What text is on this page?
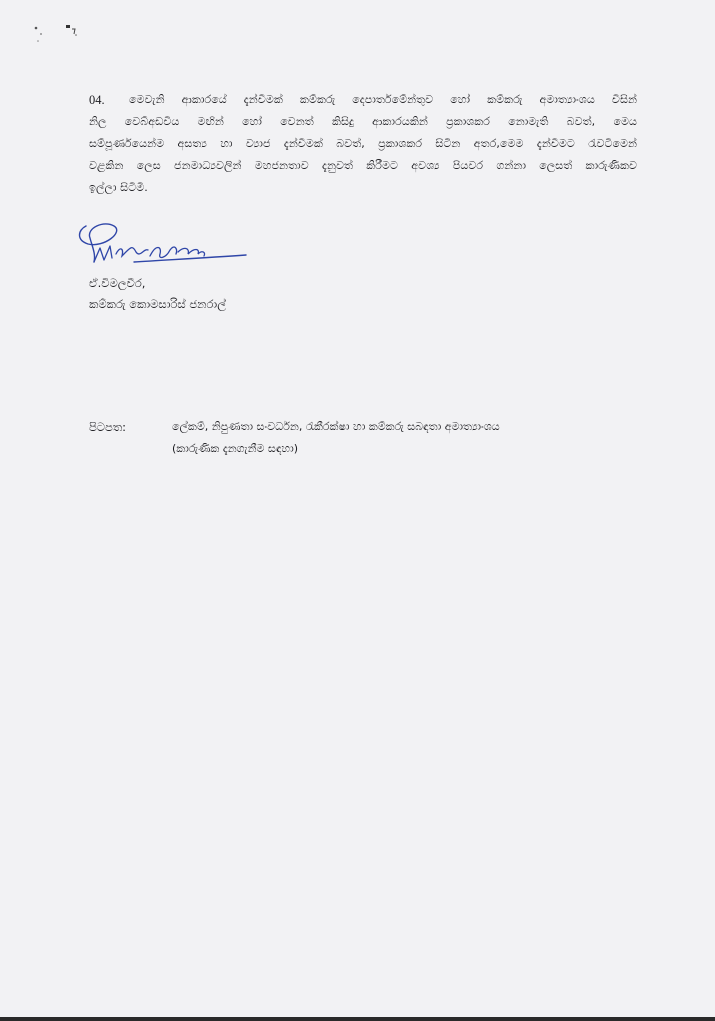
04. මෙවැනි ආකාරයේ දැන්වීමක් කම්කරු දෙපාර්තමේන්තුව හෝ කම්කරු අමාත්‍යාංශය විසින්
නිල වෙබ්අඩවිය මඟින් හෝ වෙනත් කිසිදු ආකාරයකින් ප්‍රකාශකර නොමැති බවත්, මෙය
සම්පූර්ණයෙන්ම අසත්‍ය හා ව්‍යාජ දැන්වීමක් බවත්, ප්‍රකාශකර සිටින අතර,මෙම දැන්වීමට රැවටීමෙන්
වළකින ලෙස ජනමාධ්‍යවලින් මහජනතාව දැනුවත් කිරීමට අවශ්‍ය පියවර ගන්නා ලෙසත් කාරුණිකව
ඉල්ලා සිටිමි.
ඒ.විමලවීර,
කම්කරු කොමසාරිස් ජනරාල්
පිටපත:	ලේකම්, නිපුණතා සංවර්ධන, රැකීරක්ෂා හා කම්කරු සබඳතා අමාත්‍යාංශය
(කාරුණික දැනගැනීම සඳහා)
